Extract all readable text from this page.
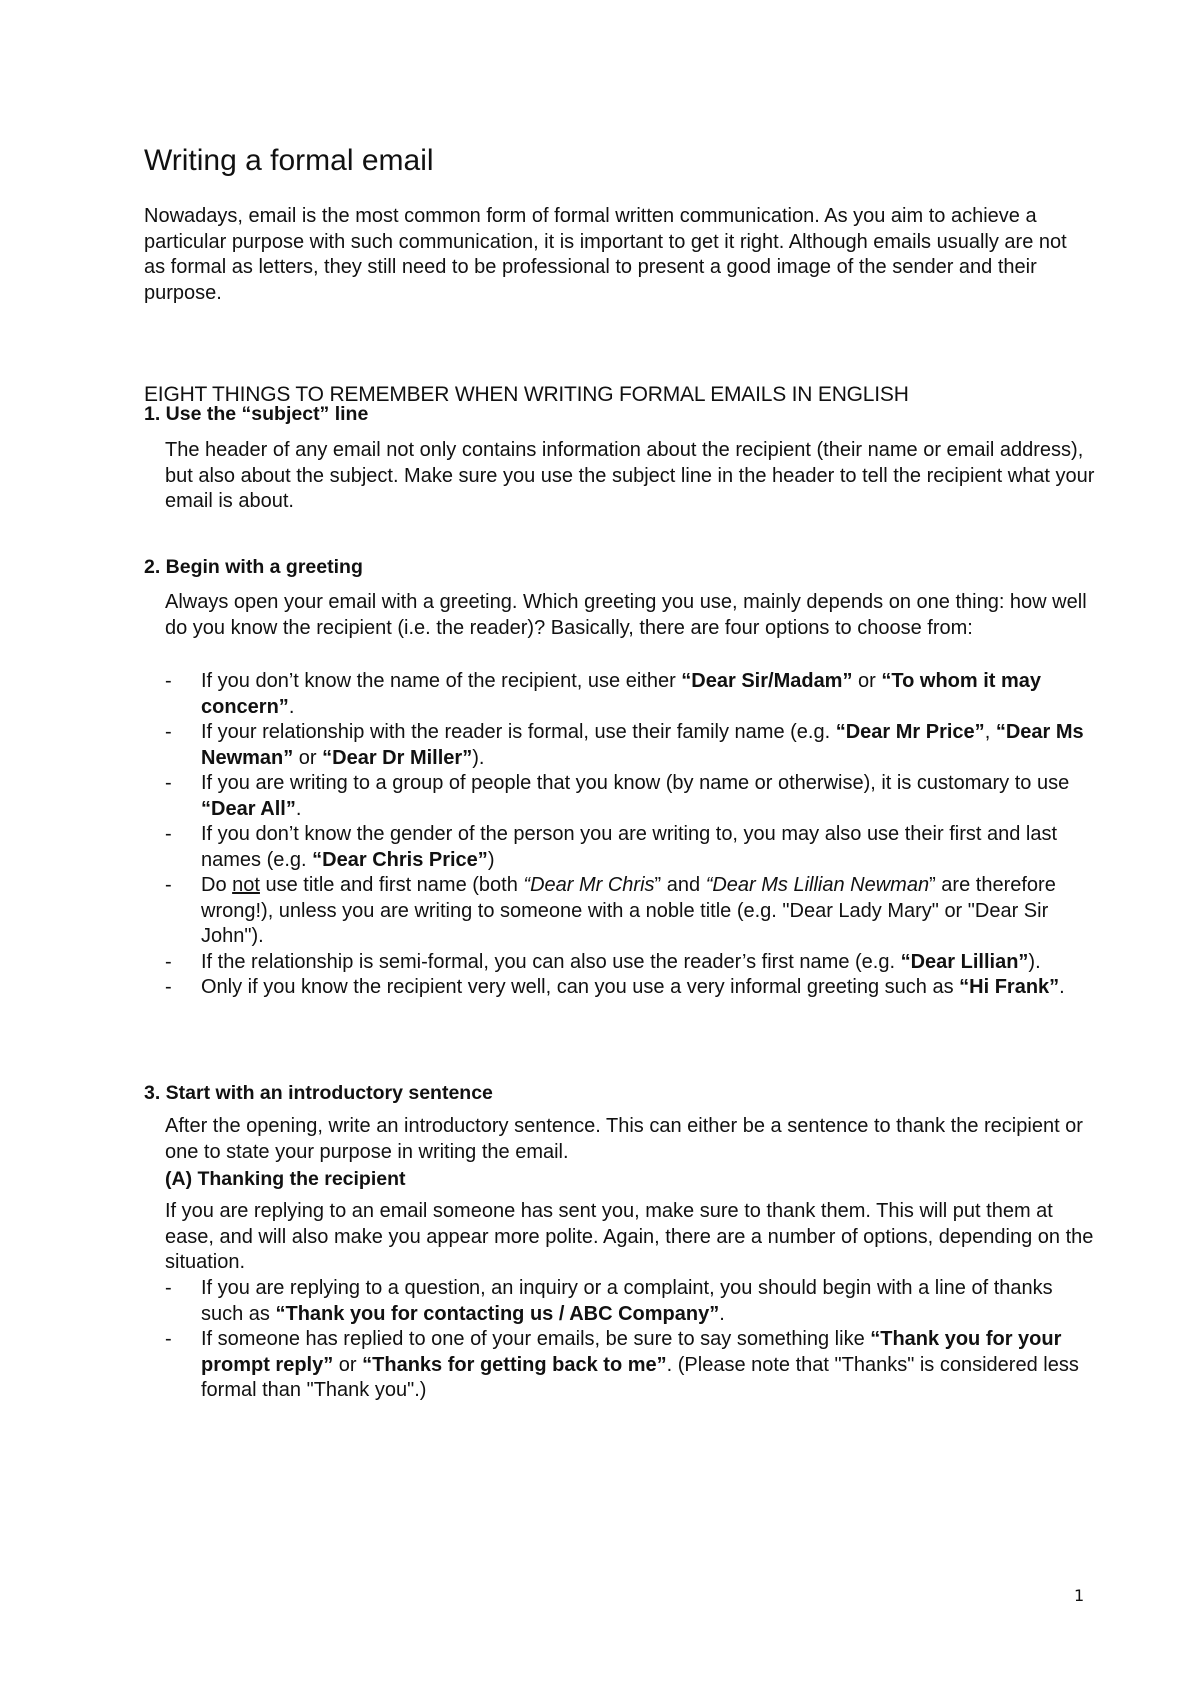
Writing a formal email

Nowadays, email is the most common form of formal written communication. As you aim to achieve a particular purpose with such communication, it is important to get it right. Although emails usually are not as formal as letters, they still need to be professional to present a good image of the sender and their purpose.

EIGHT THINGS TO REMEMBER WHEN WRITING FORMAL EMAILS IN ENGLISH
1. Use the “subject” line

The header of any email not only contains information about the recipient (their name or email address), but also about the subject. Make sure you use the subject line in the header to tell the recipient what your email is about.

2. Begin with a greeting

Always open your email with a greeting. Which greeting you use, mainly depends on one thing: how well do you know the recipient (i.e. the reader)? Basically, there are four options to choose from:

- If you don’t know the name of the recipient, use either “Dear Sir/Madam” or “To whom it may concern”.
- If your relationship with the reader is formal, use their family name (e.g. “Dear Mr Price”, “Dear Ms Newman” or “Dear Dr Miller”).
- If you are writing to a group of people that you know (by name or otherwise), it is customary to use “Dear All”.
- If you don’t know the gender of the person you are writing to, you may also use their first and last names (e.g. “Dear Chris Price”)
- Do not use title and first name (both “Dear Mr Chris” and “Dear Ms Lillian Newman” are therefore wrong!), unless you are writing to someone with a noble title (e.g. "Dear Lady Mary" or "Dear Sir John").
- If the relationship is semi-formal, you can also use the reader’s first name (e.g. “Dear Lillian”).
- Only if you know the recipient very well, can you use a very informal greeting such as “Hi Frank”.
3. Start with an introductory sentence

After the opening, write an introductory sentence. This can either be a sentence to thank the recipient or one to state your purpose in writing the email.

(A) Thanking the recipient

If you are replying to an email someone has sent you, make sure to thank them. This will put them at ease, and will also make you appear more polite. Again, there are a number of options, depending on the situation.

- If you are replying to a question, an inquiry or a complaint, you should begin with a line of thanks such as “Thank you for contacting us / ABC Company”.
- If someone has replied to one of your emails, be sure to say something like “Thank you for your prompt reply” or “Thanks for getting back to me”. (Please note that "Thanks" is considered less formal than "Thank you".)
1
